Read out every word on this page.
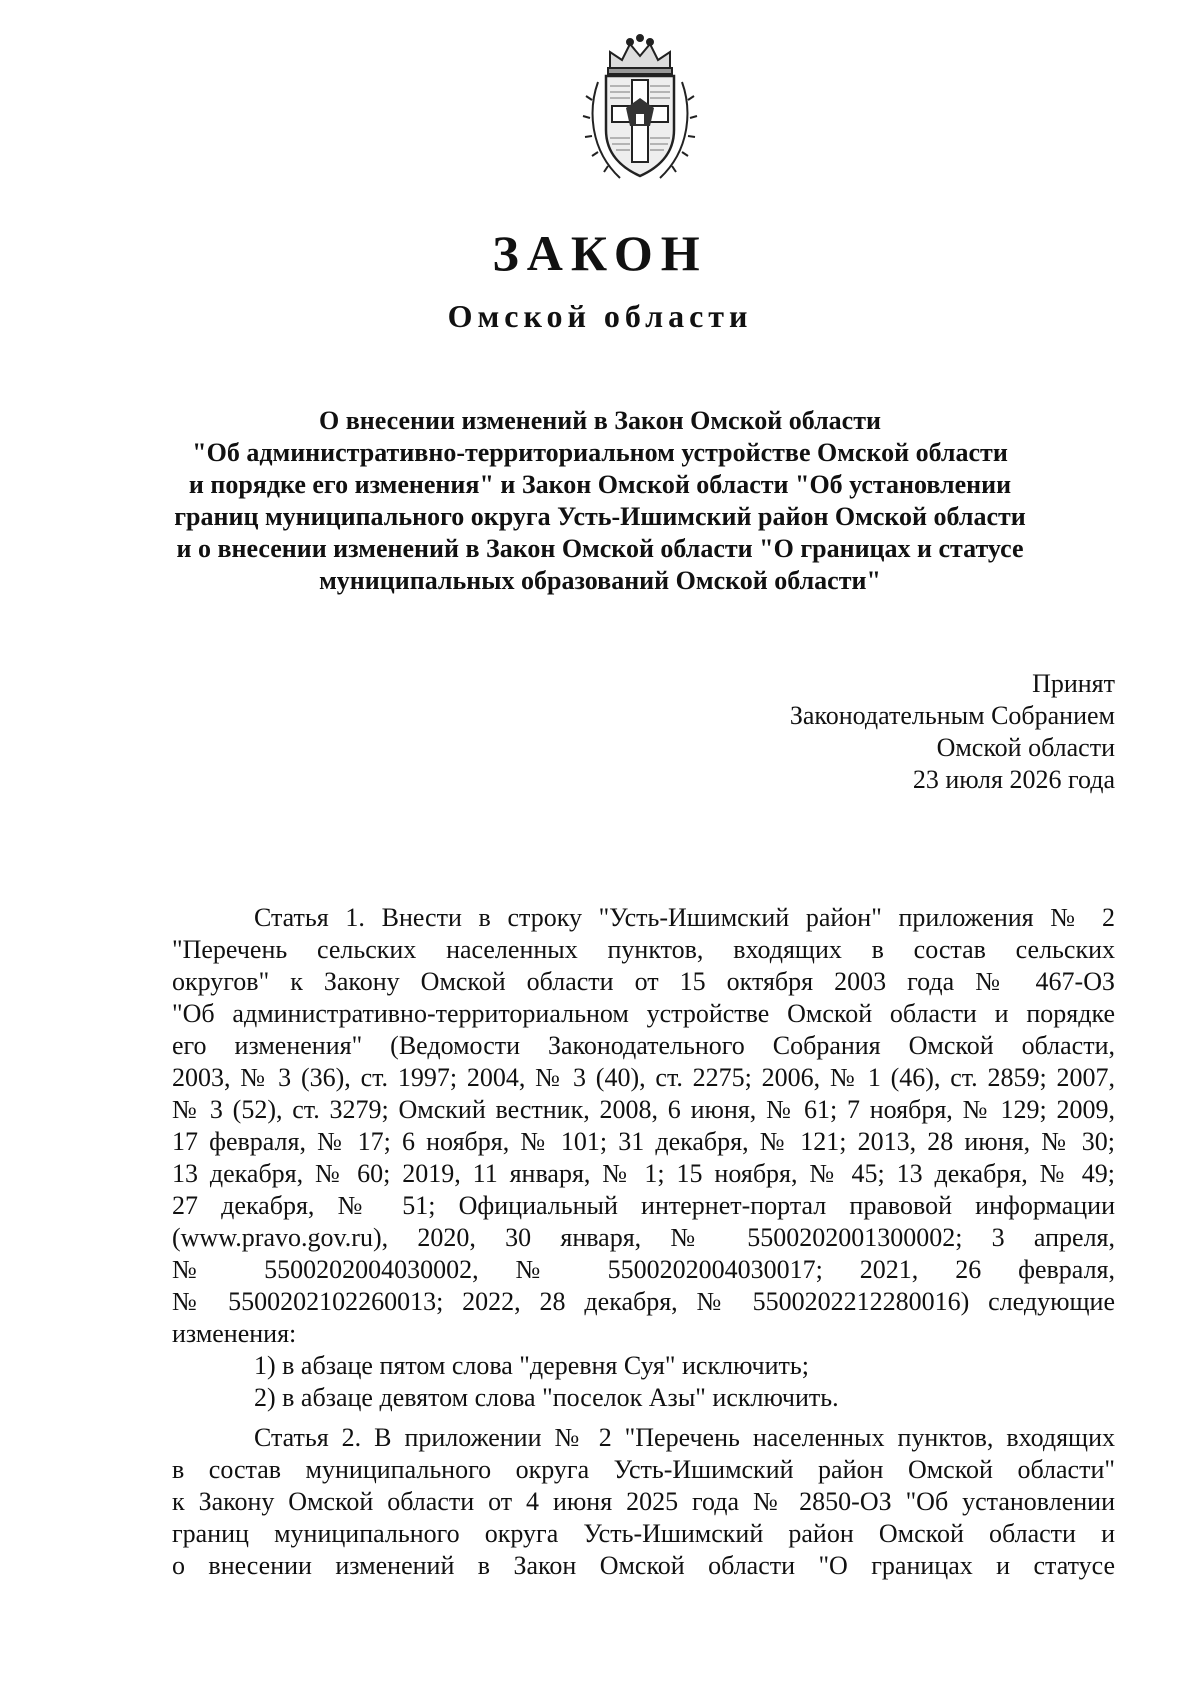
ЗАКОН
Омской области
О внесении изменений в Закон Омской области
"Об административно-территориальном устройстве Омской области
и порядке его изменения" и Закон Омской области "Об установлении
границ муниципального округа Усть-Ишимский район Омской области
и о внесении изменений в Закон Омской области "О границах и статусе
муниципальных образований Омской области"
Принят
Законодательным Собранием
Омской области
23 июля 2026 года
Статья 1. Внести в строку "Усть-Ишимский район" приложения № 2
"Перечень сельских населенных пунктов, входящих в состав сельских
округов" к Закону Омской области от 15 октября 2003 года № 467-ОЗ
"Об административно-территориальном устройстве Омской области и порядке
его изменения" (Ведомости Законодательного Собрания Омской области,
2003, № 3 (36), ст. 1997; 2004, № 3 (40), ст. 2275; 2006, № 1 (46), ст. 2859; 2007,
№ 3 (52), ст. 3279; Омский вестник, 2008, 6 июня, № 61; 7 ноября, № 129; 2009,
17 февраля, № 17; 6 ноября, № 101; 31 декабря, № 121; 2013, 28 июня, № 30;
13 декабря, № 60; 2019, 11 января, № 1; 15 ноября, № 45; 13 декабря, № 49;
27 декабря, № 51; Официальный интернет-портал правовой информации
(www.pravo.gov.ru), 2020, 30 января, № 5500202001300002; 3 апреля,
№ 5500202004030002, № 5500202004030017; 2021, 26 февраля,
№ 5500202102260013; 2022, 28 декабря, № 5500202212280016) следующие
изменения:
1) в абзаце пятом слова "деревня Суя" исключить;
2) в абзаце девятом слова "поселок Азы" исключить.
Статья 2. В приложении № 2 "Перечень населенных пунктов, входящих
в состав муниципального округа Усть-Ишимский район Омской области"
к Закону Омской области от 4 июня 2025 года № 2850-ОЗ "Об установлении
границ муниципального округа Усть-Ишимский район Омской области и
о внесении изменений в Закон Омской области "О границах и статусе
